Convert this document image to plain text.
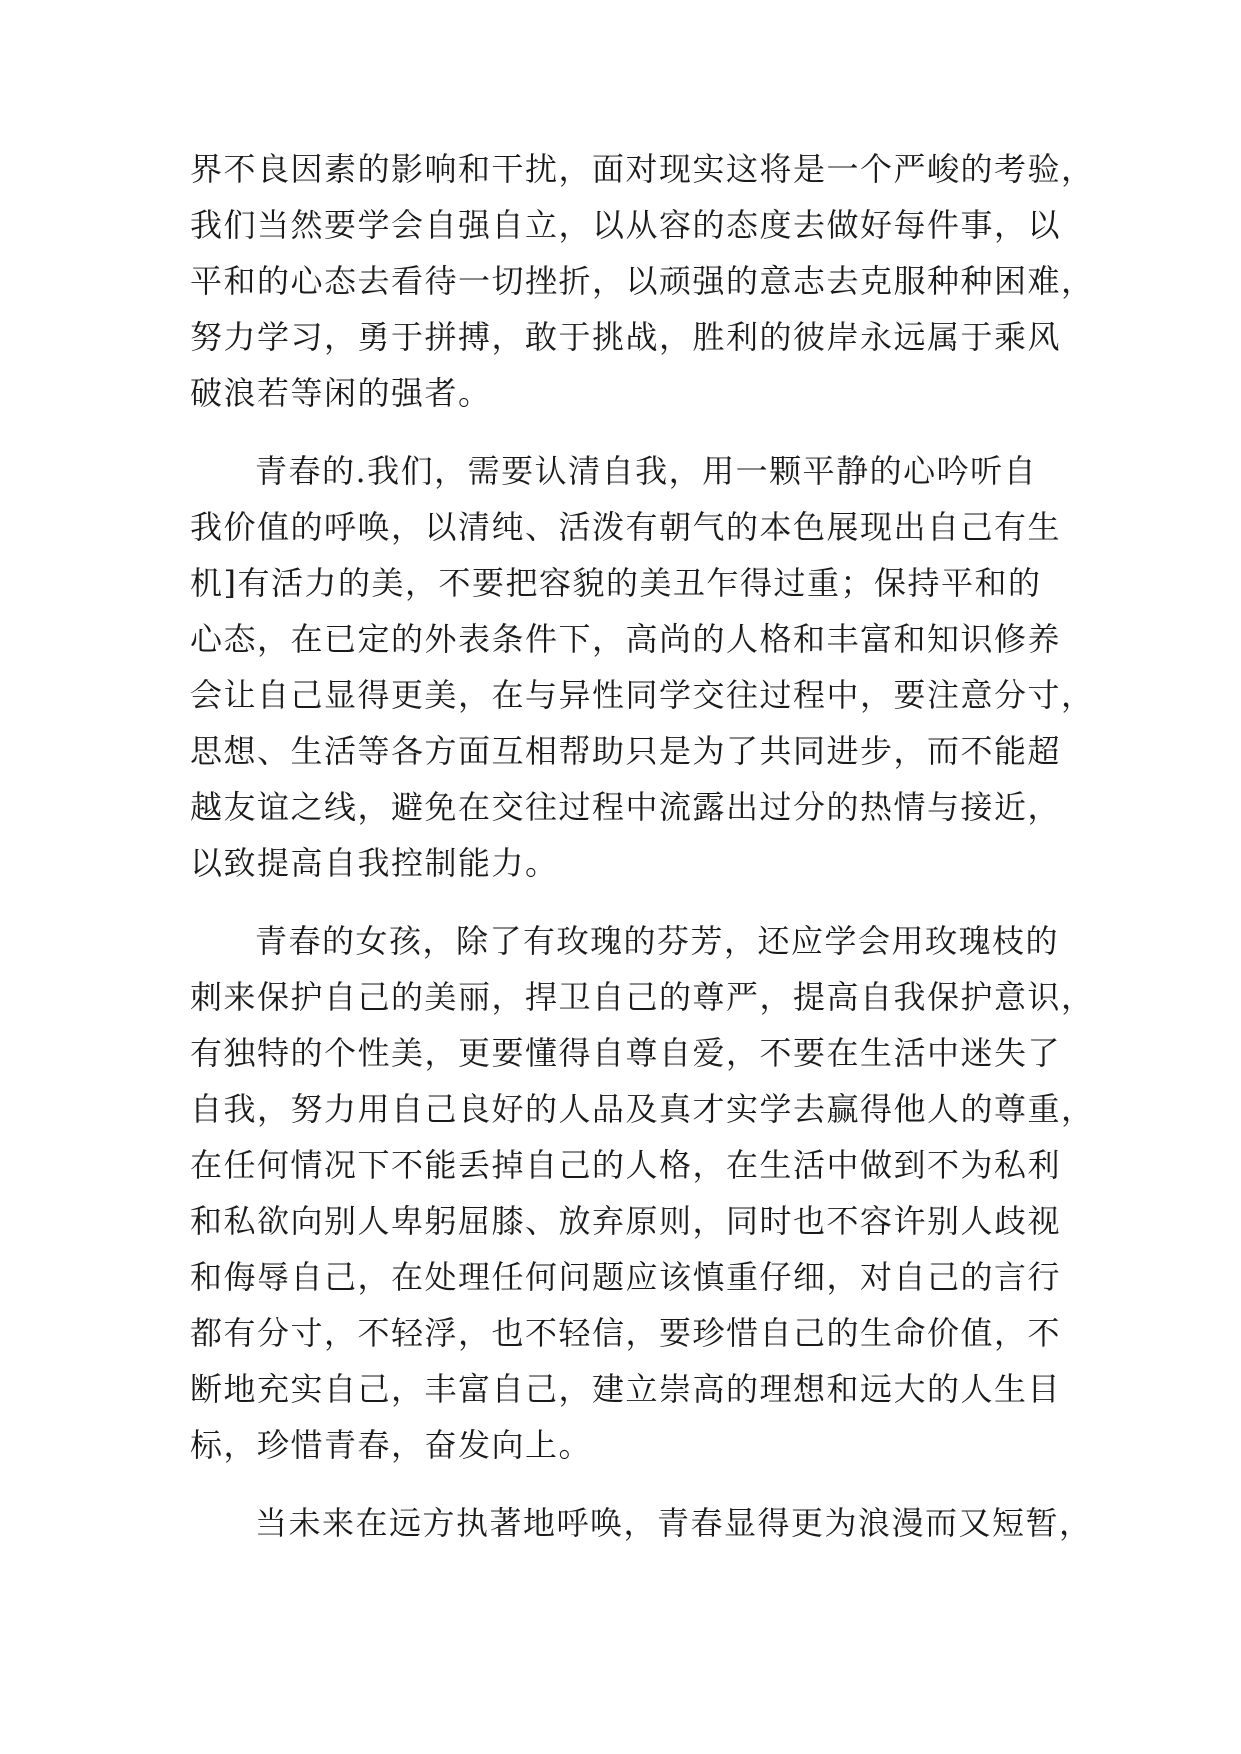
界不良因素的影响和干扰，面对现实这将是一个严峻的考验，
我们当然要学会自强自立，以从容的态度去做好每件事，以
平和的心态去看待一切挫折，以顽强的意志去克服种种困难，
努力学习，勇于拼搏，敢于挑战，胜利的彼岸永远属于乘风
破浪若等闲的强者。
青春的.我们，需要认清自我，用一颗平静的心吟听自
我价值的呼唤，以清纯、活泼有朝气的本色展现出自己有生
机]有活力的美，不要把容貌的美丑乍得过重；保持平和的
心态，在已定的外表条件下，高尚的人格和丰富和知识修养
会让自己显得更美，在与异性同学交往过程中，要注意分寸，
思想、生活等各方面互相帮助只是为了共同进步，而不能超
越友谊之线，避免在交往过程中流露出过分的热情与接近，
以致提高自我控制能力。
青春的女孩，除了有玫瑰的芬芳，还应学会用玫瑰枝的
刺来保护自己的美丽，捍卫自己的尊严，提高自我保护意识，
有独特的个性美，更要懂得自尊自爱，不要在生活中迷失了
自我，努力用自己良好的人品及真才实学去赢得他人的尊重，
在任何情况下不能丢掉自己的人格，在生活中做到不为私利
和私欲向别人卑躬屈膝、放弃原则，同时也不容许别人歧视
和侮辱自己，在处理任何问题应该慎重仔细，对自己的言行
都有分寸，不轻浮，也不轻信，要珍惜自己的生命价值，不
断地充实自己，丰富自己，建立崇高的理想和远大的人生目
标，珍惜青春，奋发向上。
当未来在远方执著地呼唤，青春显得更为浪漫而又短暂，
